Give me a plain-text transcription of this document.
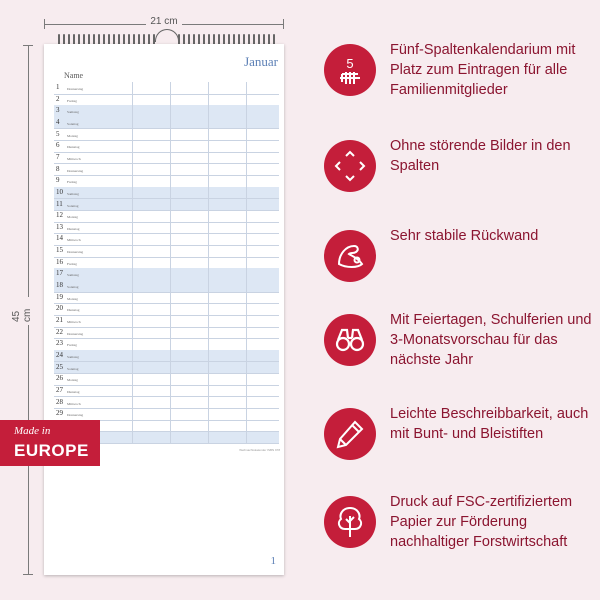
21 cm
45 cm
Januar
Name
1 Donnerstag
2 Freitag
3 Samstag
4 Sonntag
5 Montag
6 Dienstag
7 Mittwoch
8 Donnerstag
9 Freitag
10 Samstag
11 Sonntag
12 Montag
13 Dienstag
14 Mittwoch
15 Donnerstag
16 Freitag
17 Samstag
18 Sonntag
19 Montag
20 Dienstag
21 Mittwoch
22 Donnerstag
23 Freitag
24 Samstag
25 Sonntag
26 Montag
27 Dienstag
28 Mittwoch
29 Donnerstag
Weihnachtskalender ISBN 978
1
Made in
EUROPE
5

Fünf-Spaltenkalendarium mit Platz zum Eintragen für alle Familienmitglieder

Ohne störende Bilder in den Spalten

Sehr stabile Rückwand

Mit Feiertagen, Schulferien und 3-Monatsvorschau für das nächste Jahr

Leichte Beschreibbarkeit, auch mit Bunt- und Bleistiften

Druck auf FSC-zertifiziertem Papier zur Förderung nachhaltiger Forstwirtschaft
